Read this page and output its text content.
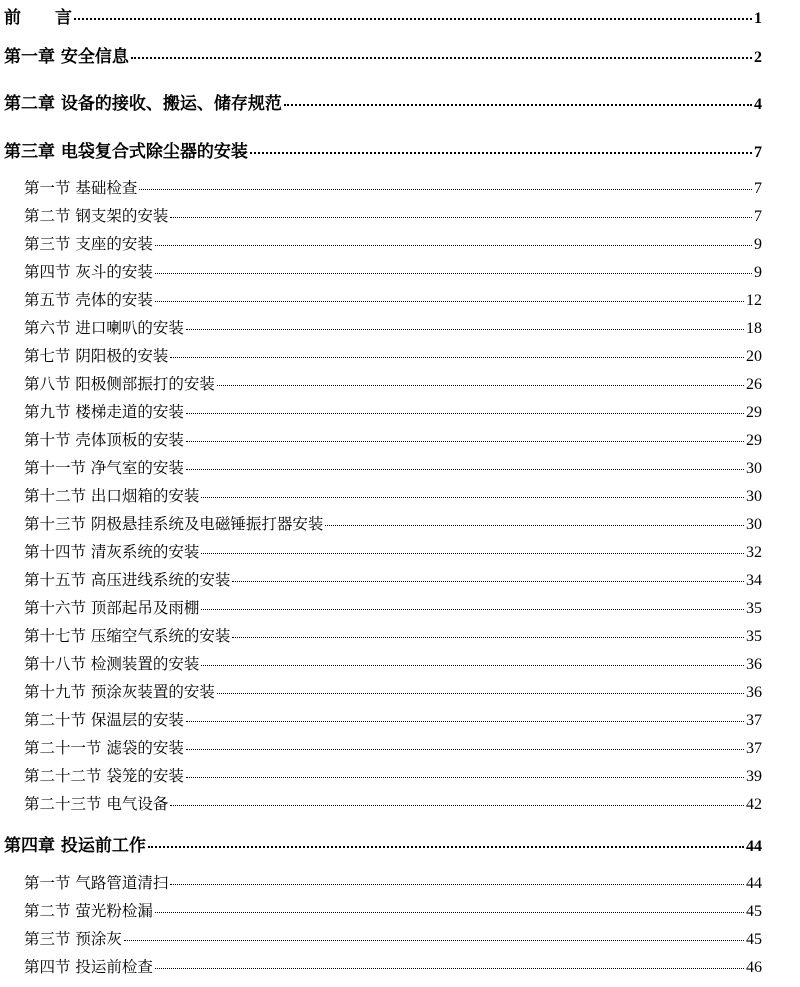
前　　言	1
第一章 安全信息	2
第二章 设备的接收、搬运、储存规范	4
第三章 电袋复合式除尘器的安装	7
第一节 基础检查	7
第二节 钢支架的安装	7
第三节 支座的安装	9
第四节 灰斗的安装	9
第五节 壳体的安装	12
第六节 进口喇叭的安装	18
第七节 阴阳极的安装	20
第八节 阳极侧部振打的安装	26
第九节 楼梯走道的安装	29
第十节 壳体顶板的安装	29
第十一节 净气室的安装	30
第十二节 出口烟箱的安装	30
第十三节 阴极悬挂系统及电磁锤振打器安装	30
第十四节 清灰系统的安装	32
第十五节 高压进线系统的安装	34
第十六节 顶部起吊及雨棚	35
第十七节 压缩空气系统的安装	35
第十八节 检测装置的安装	36
第十九节 预涂灰装置的安装	36
第二十节 保温层的安装	37
第二十一节 滤袋的安装	37
第二十二节 袋笼的安装	39
第二十三节 电气设备	42
第四章 投运前工作	44
第一节 气路管道清扫	44
第二节 萤光粉检漏	45
第三节 预涂灰	45
第四节 投运前检查	46
